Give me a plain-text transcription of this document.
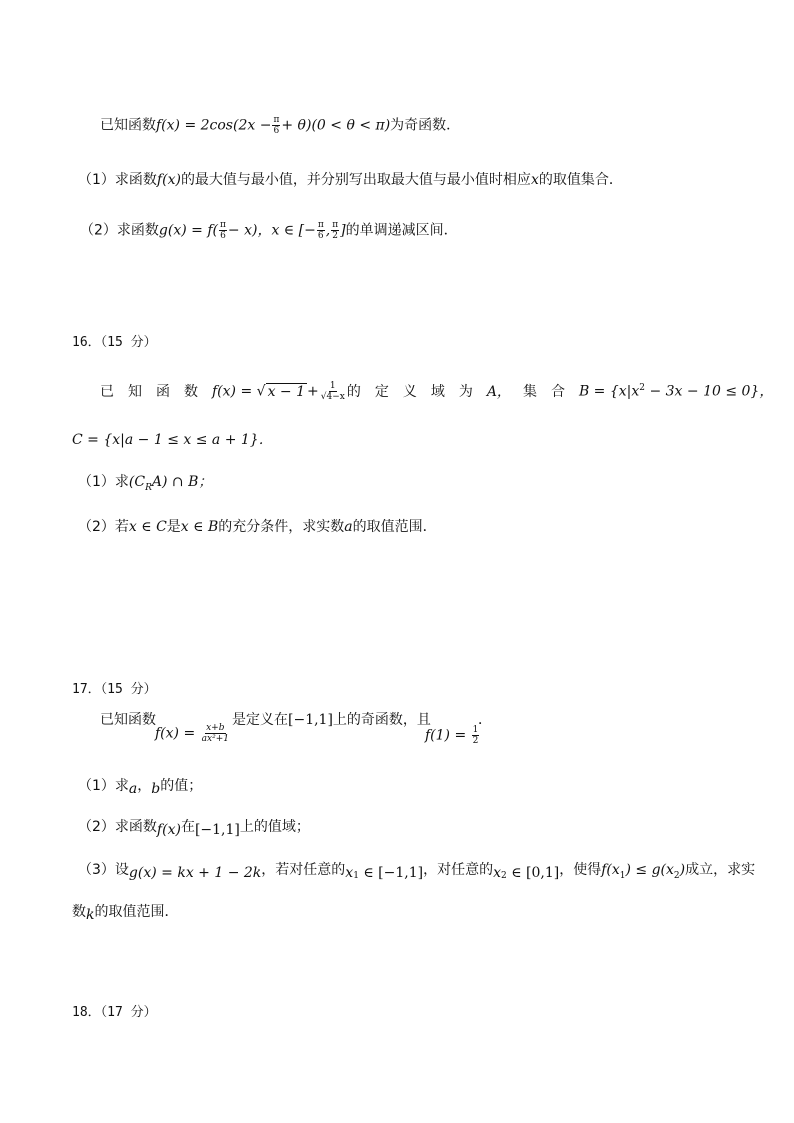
已知函数$f(x) = 2\cos(2x - \frac{\pi}{6} + \theta)(0 < \theta < \pi)$为奇函数．
（1）求函数f(x)的最大值与最小值，并分别写出取最大值与最小值时相应x的取值集合．
（2）求函数$g(x) = f( \frac{\pi}{6} - x)$，x ∈ [− $\frac{\pi}{6}$ , $\frac{\pi}{2}$ ]的单调递减区间．
16．（15 分）
已 知 函 数 f(x) = √ $x - 1 + \frac{1}{√4-x}$ 的 定 义 域 为 A， 集 合 $B = \{x|x^2 - 3x - 10 \le 0\}$，
C = {x|a − 1 ≤ x ≤ a + 1}．
（1）求$(C_RA)$ ∩ B；
（2）若x ∈ C是x ∈ B的充分条件，求实数a的取值范围．
17．（15 分）
已知函数
$f(x) = \frac{x+b}{\text{ax²+1}}$
是定义在[−1,1]上的奇函数，且
$f(1) = \frac{1}{2}$
．
（1）求a，b的值；
（2）求函数f(x)在[−1,1]上的值域；
（3）设g(x) = kx + 1 − 2k，若对任意的$x_1$ ∈ [−1,1]，对任意的$x_2$ ∈ [0,1]，使得$f(x_1) \le g(x_2)$成立，求实
数k的取值范围．
18．（17 分）
